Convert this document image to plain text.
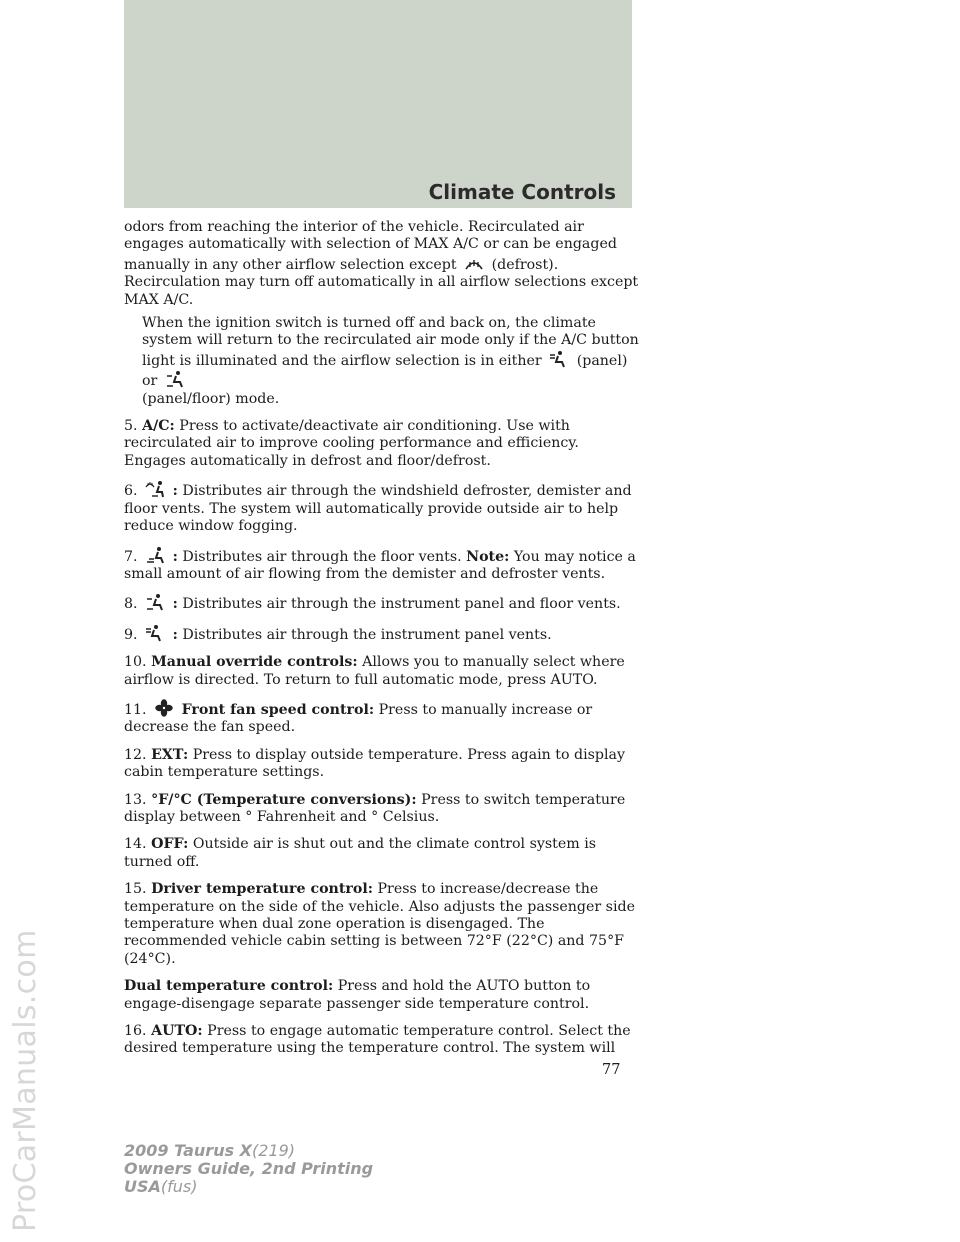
Climate Controls
ProCarManuals.com

odors from reaching the interior of the vehicle. Recirculated air engages automatically with selection of MAX A/C or can be engaged manually in any other airflow selection except (defrost). Recirculation may turn off automatically in all airflow selections except MAX A/C.

When the ignition switch is turned off and back on, the climate system will return to the recirculated air mode only if the A/C button light is illuminated and the airflow selection is in either (panel) or

(panel/floor) mode.

5. A/C: Press to activate/deactivate air conditioning. Use with recirculated air to improve cooling performance and efficiency. Engages automatically in defrost and floor/defrost.

6. : Distributes air through the windshield defroster, demister and floor vents. The system will automatically provide outside air to help reduce window fogging.

7. : Distributes air through the floor vents. Note: You may notice a small amount of air flowing from the demister and defroster vents.

8. : Distributes air through the instrument panel and floor vents.

9. : Distributes air through the instrument panel vents.

10. Manual override controls: Allows you to manually select where airflow is directed. To return to full automatic mode, press AUTO.

11. Front fan speed control: Press to manually increase or decrease the fan speed.

12. EXT: Press to display outside temperature. Press again to display cabin temperature settings.

13. °F/°C (Temperature conversions): Press to switch temperature display between ° Fahrenheit and ° Celsius.

14. OFF: Outside air is shut out and the climate control system is turned off.

15. Driver temperature control: Press to increase/decrease the temperature on the side of the vehicle. Also adjusts the passenger side temperature when dual zone operation is disengaged. The recommended vehicle cabin setting is between 72°F (22°C) and 75°F (24°C).

Dual temperature control: Press and hold the AUTO button to engage-disengage separate passenger side temperature control.

16. AUTO: Press to engage automatic temperature control. Select the desired temperature using the temperature control. The system will

77
2009 Taurus X(219)
Owners Guide, 2nd Printing
USA(fus)
